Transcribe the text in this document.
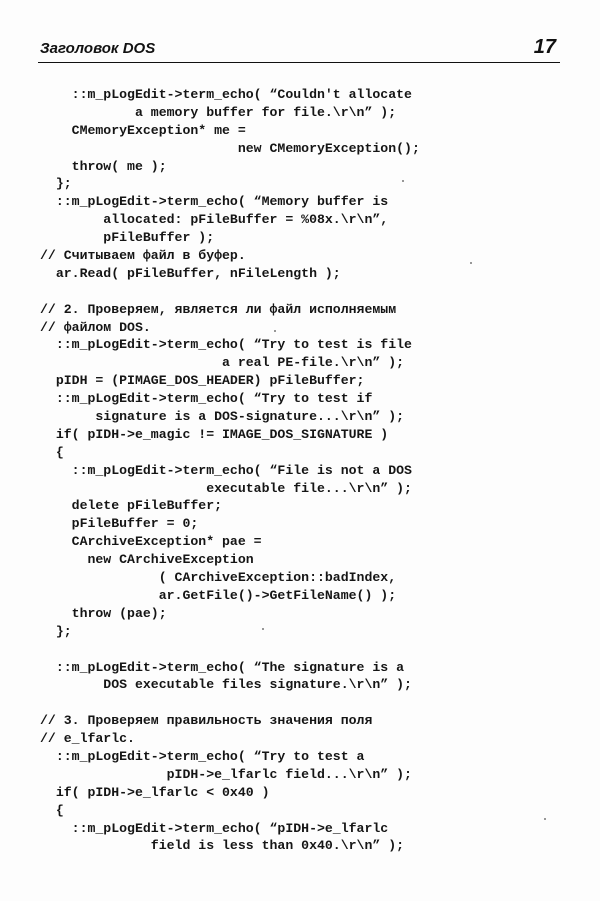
Заголовок DOS	17
::m_pLogEdit->term_echo( “Couldn't allocate
a memory buffer for file.\r\n” );
CMemoryException* me =
new CMemoryException();
throw( me );
};
::m_pLogEdit->term_echo( “Memory buffer is
allocated: pFileBuffer = %08x.\r\n”,
pFileBuffer );
// Считываем файл в буфер.
ar.Read( pFileBuffer, nFileLength );
// 2. Проверяем, является ли файл исполняемым
// файлом DOS.
::m_pLogEdit->term_echo( “Try to test is file
a real PE-file.\r\n” );
pIDH = (PIMAGE_DOS_HEADER) pFileBuffer;
::m_pLogEdit->term_echo( “Try to test if
signature is a DOS-signature...\r\n” );
if( pIDH->e_magic != IMAGE_DOS_SIGNATURE )
{
::m_pLogEdit->term_echo( “File is not a DOS
executable file...\r\n” );
delete pFileBuffer;
pFileBuffer = 0;
CArchiveException* pae =
new CArchiveException
( CArchiveException::badIndex,
ar.GetFile()->GetFileName() );
throw (pae);
};
::m_pLogEdit->term_echo( “The signature is a
DOS executable files signature.\r\n” );
// 3. Проверяем правильность значения поля
// e_lfarlc.
::m_pLogEdit->term_echo( “Try to test a
pIDH->e_lfarlc field...\r\n” );
if( pIDH->e_lfarlc < 0x40 )
{
::m_pLogEdit->term_echo( “pIDH->e_lfarlc
field is less than 0x40.\r\n” );
